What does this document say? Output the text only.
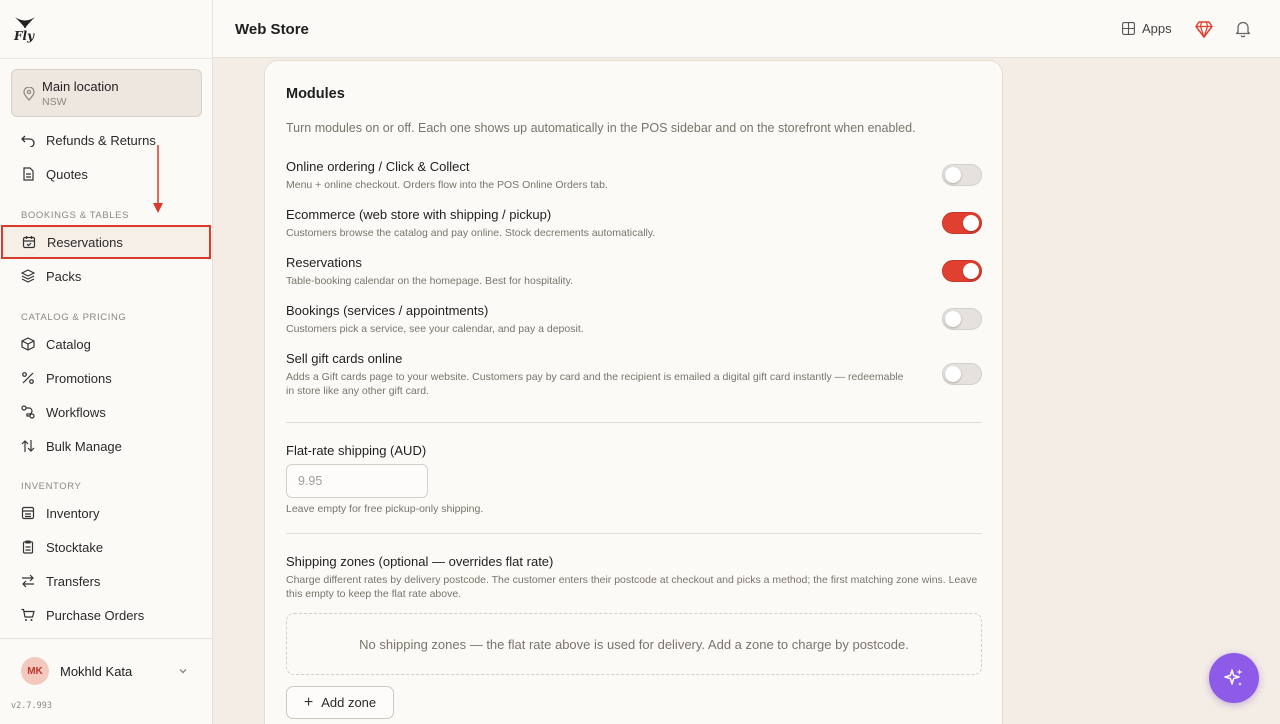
Fly
Main location
NSW
Refunds & Returns
Quotes
BOOKINGS & TABLES
Reservations
Packs
CATALOG & PRICING
Catalog
Promotions
Workflows
Bulk Manage
INVENTORY
Inventory
Stocktake
Transfers
Purchase Orders
MK	Mokhld Kata
v2.7.993
Web Store	Apps
Modules
Turn modules on or off. Each one shows up automatically in the POS sidebar and on the storefront when enabled.
Online ordering / Click & Collect
Menu + online checkout. Orders flow into the POS Online Orders tab.
Ecommerce (web store with shipping / pickup)
Customers browse the catalog and pay online. Stock decrements automatically.
Reservations
Table-booking calendar on the homepage. Best for hospitality.
Bookings (services / appointments)
Customers pick a service, see your calendar, and pay a deposit.
Sell gift cards online
Adds a Gift cards page to your website. Customers pay by card and the recipient is emailed a digital gift card instantly — redeemable in store like any other gift card.
Flat-rate shipping (AUD)
9.95
Leave empty for free pickup-only shipping.
Shipping zones (optional — overrides flat rate)
Charge different rates by delivery postcode. The customer enters their postcode at checkout and picks a method; the first matching zone wins. Leave this empty to keep the flat rate above.
No shipping zones — the flat rate above is used for delivery. Add a zone to charge by postcode.
+ Add zone
